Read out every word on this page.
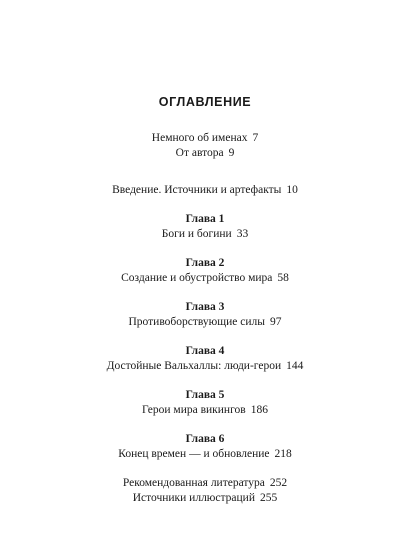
ОГЛАВЛЕНИЕ
Немного об именах 7
От автора 9
Введение. Источники и артефакты 10
Глава 1
Боги и богини 33
Глава 2
Создание и обустройство мира 58
Глава 3
Противоборствующие силы 97
Глава 4
Достойные Вальхаллы: люди-герои 144
Глава 5
Герои мира викингов 186
Глава 6
Конец времен — и обновление 218
Рекомендованная литература 252
Источники иллюстраций 255
